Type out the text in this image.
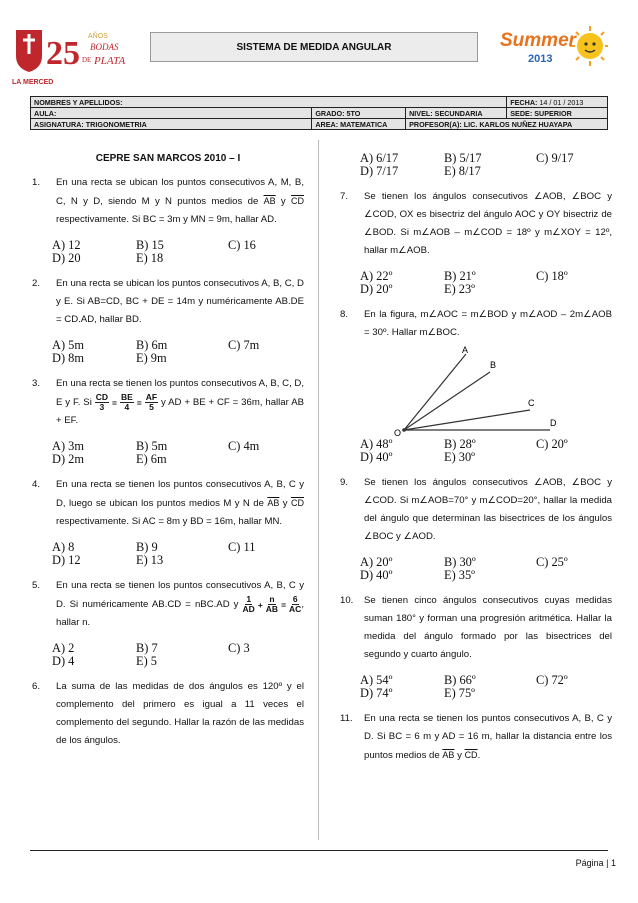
25 AÑOS
BODAS
DE PLATA
LA MERCED
SISTEMA DE MEDIDA ANGULAR	Summer
2013
NOMBRES Y APELLIDOS:			FECHA: 14 / 01 / 2013
AULA:	GRADO: 5TO	NIVEL: SECUNDARIA	SEDE: SUPERIOR
ASIGNATURA: TRIGONOMETRIA	AREA: MATEMATICA	PROFESOR(A): LIC. KARLOS NUÑEZ HUAYAPA	
CEPRE SAN MARCOS 2010 – I
1.	En una recta se ubican los puntos consecutivos A, M, B, C, N y D, siendo M y N puntos medios de $\overline{AB}$ y $\overline{CD}$ respectivamente. Si BC = 3m y MN = 9m, hallar AD.
A) 12	B) 15	C) 16
D) 20	E) 18
2.	En una recta se ubican los puntos consecutivos A, B, C, D y E. Si AB=CD, BC + DE = 14m y numéricamente AB.DE = CD.AD, hallar BD.
A) 5m	B) 6m	C) 7m
D) 8m	E) 9m
3.	En una recta se tienen los puntos consecutivos A, B, C, D, E y F. Si
CD
3 =
BE
4 =
AF
5 y AD + BE + CF = 36m, hallar AB + EF.
A) 3m	B) 5m	C) 4m
D) 2m	E) 6m
4.	En una recta se tienen los puntos consecutivos A, B, C y D, luego se ubican los puntos medios M y N de $\overline{AB}$ y $\overline{CD}$ respectivamente. Si AC = 8m y BD = 16m, hallar MN.
A) 8	B) 9	C) 11
D) 12	E) 13
5.	En una recta se tienen los puntos consecutivos A, B, C y D. Si numéricamente AB.CD = nBC.AD y
1
AD +
n
AB =
6
AC , hallar n.
A) 2	B) 7	C) 3
D) 4	E) 5
6.	La suma de las medidas de dos ángulos es 120º y el complemento del primero es igual a 11 veces el complemento del segundo. Hallar la razón de las medidas de los ángulos.
A) 6/17	B) 5/17	C) 9/17
D) 7/17	E) 8/17
7.	Se tienen los ángulos consecutivos ∠AOB, ∠BOC y ∠COD, OX es bisectriz del ángulo AOC y OY bisectriz de ∠BOD. Si m∠AOB – m∠COD = 18º y m∠XOY = 12º, hallar m∠AOB.
A) 22º	B) 21º	C) 18º
D) 20º	E) 23º
8.	En la figura, m∠AOC = m∠BOD y m∠AOD – 2m∠AOB = 30º. Hallar m∠BOC.
A
B
C
D
O
A) 48º	B) 28º	C) 20º
D) 40º	E) 30º
9.	Se tienen los ángulos consecutivos ∠AOB, ∠BOC y ∠COD. Si m∠AOB=70° y m∠COD=20°, hallar la medida del ángulo que determinan las bisectrices de los ángulos ∠BOC y ∠AOD.
A) 20º	B) 30º	C) 25º
D) 40º	E) 35º
10.	Se tienen cinco ángulos consecutivos cuyas medidas suman 180° y forman una progresión aritmética. Hallar la medida del ángulo formado por las bisectrices del segundo y cuarto ángulo.
A) 54º	B) 66º	C) 72º
D) 74º	E) 75º
11.	En una recta se tienen los puntos consecutivos A, B, C y D. Si BC = 6 m y AD = 16 m, hallar la distancia entre los puntos medios de $\overline{AB}$ y $\overline{CD}$.
Página | 1
